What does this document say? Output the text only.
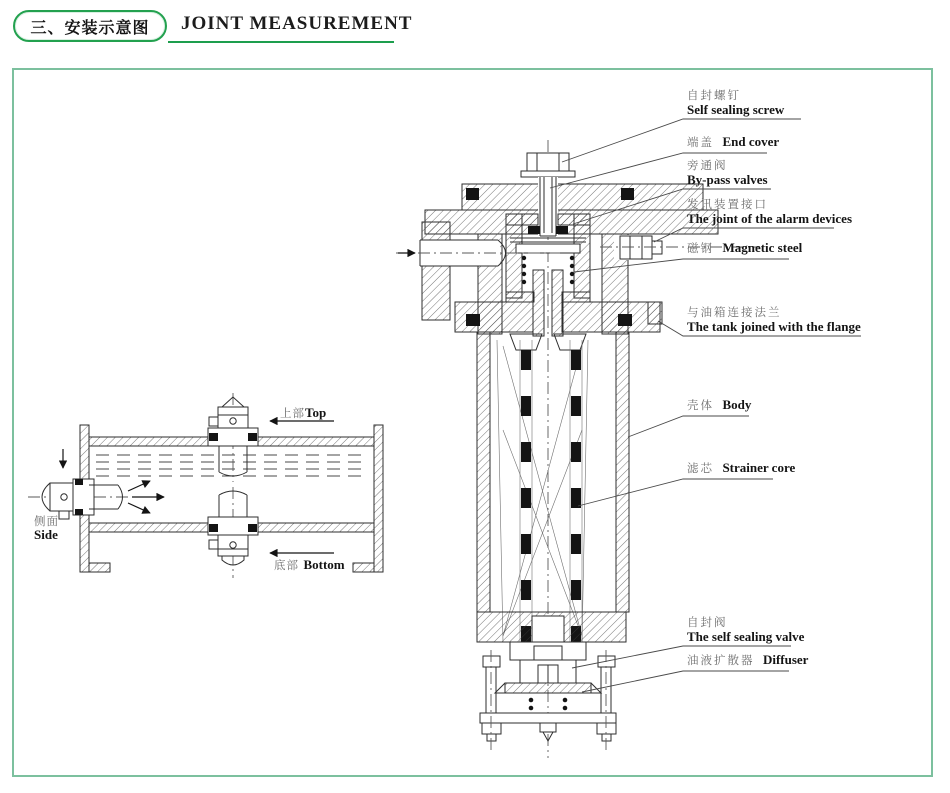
三、安装示意图 JOINT MEASUREMENT
自封螺钉
Self sealing screw
端盖 End cover
旁通阀
By-pass valves
发讯装置接口
The joint of the alarm devices
磁钢 Magnetic steel
与油箱连接法兰
The tank joined with the flange
壳体 Body
滤芯 Strainer core
自封阀
The self sealing valve
油液扩散器 Diffuser
上部Top
侧面
Side
底部 Bottom
